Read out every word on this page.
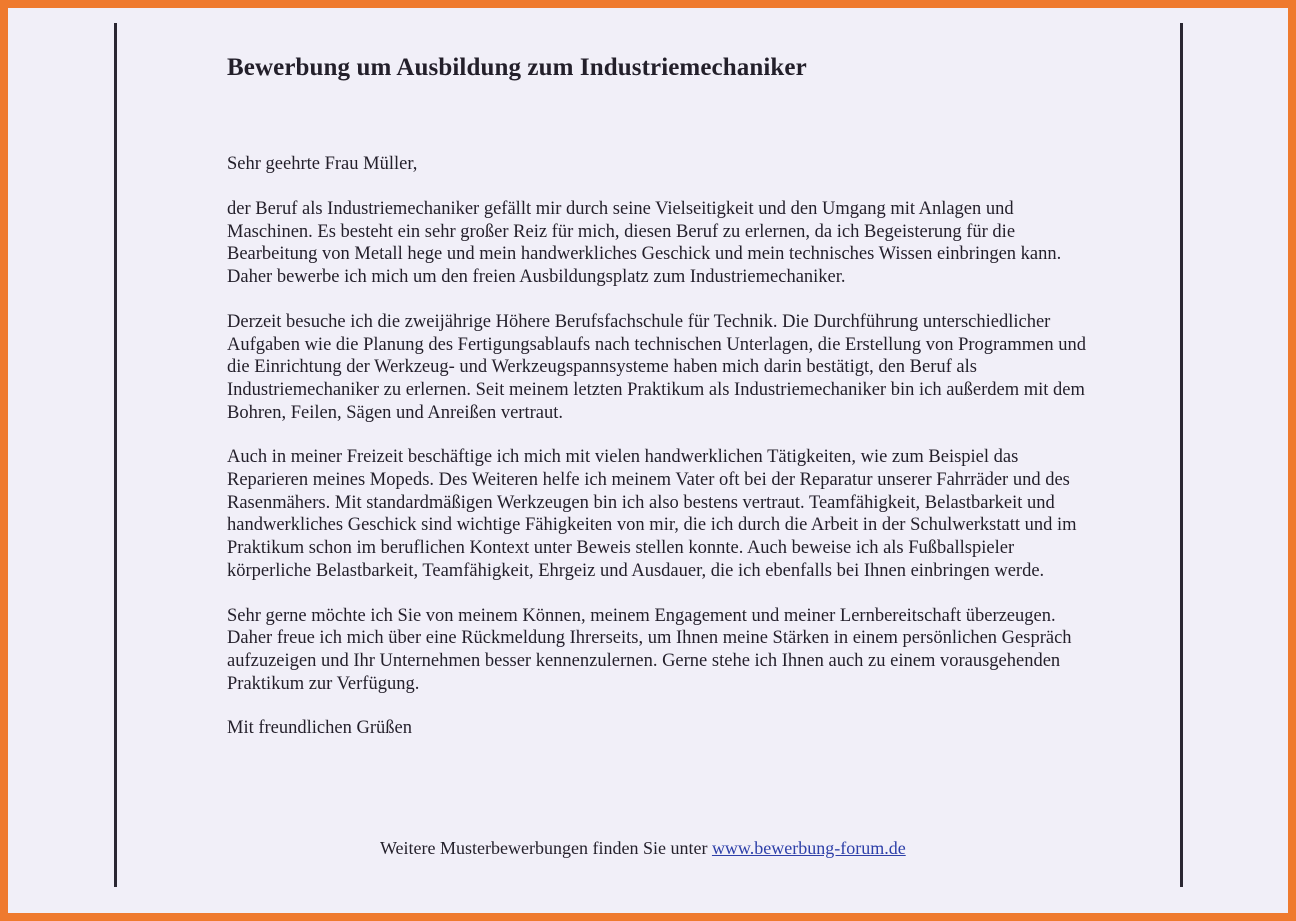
Bewerbung um Ausbildung zum Industriemechaniker

Sehr geehrte Frau Müller,

der Beruf als Industriemechaniker gefällt mir durch seine Vielseitigkeit und den Umgang mit Anlagen und Maschinen. Es besteht ein sehr großer Reiz für mich, diesen Beruf zu erlernen, da ich Begeisterung für die Bearbeitung von Metall hege und mein handwerkliches Geschick und mein technisches Wissen einbringen kann. Daher bewerbe ich mich um den freien Ausbildungsplatz zum Industriemechaniker.

Derzeit besuche ich die zweijährige Höhere Berufsfachschule für Technik. Die Durchführung unterschiedlicher Aufgaben wie die Planung des Fertigungsablaufs nach technischen Unterlagen, die Erstellung von Programmen und die Einrichtung der Werkzeug- und Werkzeugspannsysteme haben mich darin bestätigt, den Beruf als Industriemechaniker zu erlernen. Seit meinem letzten Praktikum als Industriemechaniker bin ich außerdem mit dem Bohren, Feilen, Sägen und Anreißen vertraut.

Auch in meiner Freizeit beschäftige ich mich mit vielen handwerklichen Tätigkeiten, wie zum Beispiel das Reparieren meines Mopeds. Des Weiteren helfe ich meinem Vater oft bei der Reparatur unserer Fahrräder und des Rasenmähers. Mit standardmäßigen Werkzeugen bin ich also bestens vertraut. Teamfähigkeit, Belastbarkeit und handwerkliches Geschick sind wichtige Fähigkeiten von mir, die ich durch die Arbeit in der Schulwerkstatt und im Praktikum schon im beruflichen Kontext unter Beweis stellen konnte. Auch beweise ich als Fußballspieler körperliche Belastbarkeit, Teamfähigkeit, Ehrgeiz und Ausdauer, die ich ebenfalls bei Ihnen einbringen werde.

Sehr gerne möchte ich Sie von meinem Können, meinem Engagement und meiner Lernbereitschaft überzeugen. Daher freue ich mich über eine Rückmeldung Ihrerseits, um Ihnen meine Stärken in einem persönlichen Gespräch aufzuzeigen und Ihr Unternehmen besser kennenzulernen. Gerne stehe ich Ihnen auch zu einem vorausgehenden Praktikum zur Verfügung.

Mit freundlichen Grüßen

Weitere Musterbewerbungen finden Sie unter www.bewerbung-forum.de
